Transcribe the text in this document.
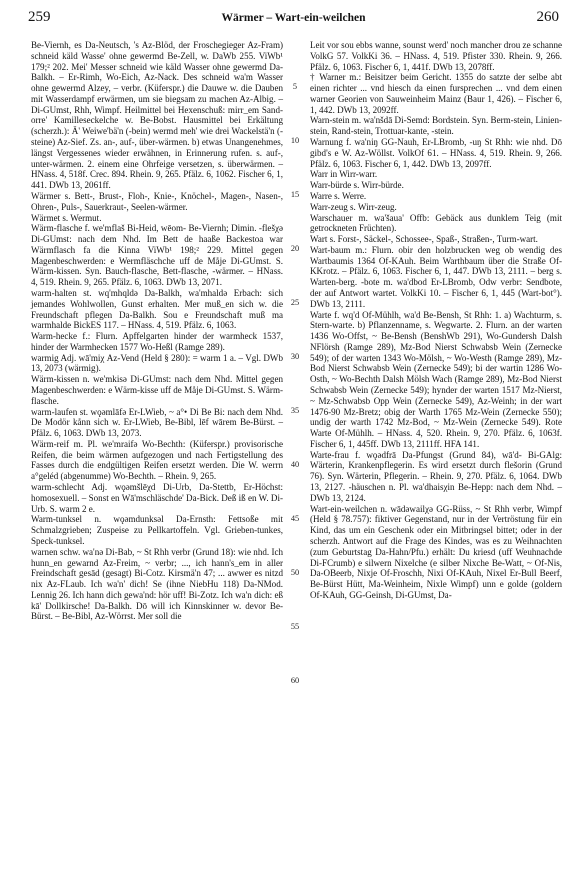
259	Wärmer – Wart-ein-weilchen	260

Be-Viernh, es Da-Neutsch, 's Az-Blöd, der Froschegieger Az-Fram) schneid käld Wasse' ohne gewermd Be-Zell, w. DaWb 255. ViWb¹ 179;² 202. Mei' Messer schneid wie käld Wasser ohne gewermd Da-Balkh. – Er-Rimh, Wo-Eich, Az-Nack. Des schneid wa'm Wasser ohne gewermd Alzey, – verbr. (Küferspr.) die Dauwe w. die Dauben mit Wasserdampf erwärmen, um sie biegsam zu machen Az-Albig. – Di-GUmst, Rhh, Wimpf. Heilmittel bei Hexenschuß: mirr_em Sand- orre' Kamilleseckelche w. Be-Bobst. Hausmittel bei Erkältung (scherzh.): Ä' Weiwe'bä'n (-bein) wermd meh' wie drei Wackelstä'n (-steine) Az-Sief. Zs. an-, auf-, über-wärmen. b) etwas Unangenehmes, längst Vergessenes wieder erwähnen, in Erinnerung rufen. s. auf-, unter-wärmen. 2. einem eine Ohrfeige versetzen, s. überwärmen. – HNass. 4, 518f. Crec. 894. Rhein. 9, 265. Pfälz. 6, 1062. Fischer 6, 1, 441. DWb 13, 2061ff.

Wärmer s. Bett-, Brust-, Floh-, Knie-, Knöchel-, Magen-, Nasen-, Ohren-, Puls-, Sauerkraut-, Seelen-wärmer.

Wärmet s. Wermut.

Wärm-flasche f. we'mflaš Bi-Heid, wēom- Be-Viernh; Dimin. -flešχə Di-GUmst: nach dem Nhd. Im Bett de haaße Backestoa war Wärmflasch fa die Kinna ViWb¹ 198;² 229. Mittel gegen Magenbeschwerden: e Wermfläschche uff de Måje Di-GUmst. S. Wärm-kissen. Syn. Bauch-flasche, Bett-flasche, -wärmer. – HNass. 4, 519. Rhein. 9, 265. Pfälz. 6, 1063. DWb 13, 2071.

warm-halten st. wq'mhqldə Da-Balkh, wa'mhaldə Erbach: sich jemandes Wohlwollen, Gunst erhalten. Mer muß_en sich w. die Freundschaft pflegen Da-Balkh. Sou e Freundschaft muß ma warmhalde BickES 117. – HNass. 4, 519. Pfälz. 6, 1063.

Warm-hecke f.: Flurn. Apffelgarten hinder der warmheck 1537, hinder der Warmhecken 1577 Wo-Heßl (Ramge 289).

warmig Adj. wā'miχ Az-Vend (Held § 280): = warm 1 a. – Vgl. DWb 13, 2073 (wärmig).

Wärm-kissen n. we'mkisə Di-GUmst: nach dem Nhd. Mittel gegen Magenbeschwerden: e Wärm-kisse uff de Måje Di-GUmst. S. Wärm-flasche.

warm-laufen st. wǫəmlāfə Er-LWieb, ~ a°• Di Be Bi: nach dem Nhd. De Modör kånn sich w. Er-LWieb, Be-Bibl, lēf wārem Be-Bürst. – Pfälz. 6, 1063. DWb 13, 2073.

Wärm-reif m. Pl. we'mraifə Wo-Bechth: (Küferspr.) provisorische Reifen, die beim wärmen aufgezogen und nach Fertigstellung des Fasses durch die endgültigen Reifen ersetzt werden. Die W. werrn a°geléd (abgenumme) Wo-Bechth. – Rhein. 9, 265.

warm-schlecht Adj. wǫəmšlēχd Di-Urb, Da-Stettb, Er-Höchst: homosexuell. – Sonst en Wā'mschläschde' Da-Bick. Deß iß en W. Di-Urb. S. warm 2 e.

Warm-tunksel n. wǫəmdunksəl Da-Ernsth: Fettsoße mit Schmalzgrieben; Zuspeise zu Pellkartoffeln. Vgl. Grieben-tunkes, Speck-tunksel.

warnen schw. wa'nə Di-Bab, ~ St Rhh verbr (Grund 18): wie nhd. Ich hunn_en gewarnd Az-Freim, ~ verbr; ..., ich hann's_em in aller Freindschaft gesād (gesagt) Bi-Cotz. Kirsmä'n 47; ... awwer es nitzd nix Az-FLaub. Ich wa'n' dich! Se (ihne NiebHu 118) Da-NMod. Lennig 26. Ich hann dich gewa'nd: hör uff! Bi-Zotz. Ich wa'n dich: eß kā' Dollkirsche! Da-Balkh. Dō will ich Kinnskinner w. devor Be-Bürst. – Be-Bibl, Az-Wörrst. Mer soll die

5
10
15
20
25
30
35
40
45
50
55
60

Leit vor sou ebbs wanne, sounst werd' noch mancher drou ze schanne VolkG 57. VolkKi 36. – HNass. 4, 519. Pfister 330. Rhein. 9, 266. Pfälz. 6, 1063. Fischer 6, 1, 441f. DWb 13, 2078ff.

† Warner m.: Beisitzer beim Gericht. 1355 do satzte der selbe abt einen richter ... vnd hiesch da einen fursprechen ... vnd dem einen warner Georien von Sauweinheim Mainz (Baur 1, 426). – Fischer 6, 1, 442. DWb 13, 2092ff.

Warn-stein m. wa'nšdā Di-Semd: Bordstein. Syn. Berm-stein, Linien-stein, Rand-stein, Trottuar-kante, -stein.

Warnung f. wa'niŋ GG-Nauh, Er-LBromb, -uŋ St Rhh: wie nhd. Dō gibd's e W. Az-Wöllst. VolkOf 61. – HNass. 4, 519. Rhein. 9, 266. Pfälz. 6, 1063. Fischer 6, 1, 442. DWb 13, 2097ff.

Warr in Wirr-warr.

Warr-bürde s. Wirr-bürde.

Warre s. Werre.

Warr-zeug s. Wirr-zeug.

Warschauer m. wa'šaua' Offb: Gebäck aus dunklem Teig (mit getrockneten Früchten).

Wart s. Forst-, Säckel-, Schossee-, Spaß-, Straßen-, Turm-wart.

Wart-baum m.: Flurn. obir den holzbrucken weg ob wendig des Wartbaumis 1364 Of-KAuh. Beim Warthbaum über die Straße Of-KKrotz. – Pfälz. 6, 1063. Fischer 6, 1, 447. DWb 13, 2111. – berg s. Warten-berg. -bote m. wa'dbod Er-LBromb, Odw verbr: Sendbote, der auf Antwort wartet. VolkKi 10. – Fischer 6, 1, 445 (Wart-bot°). DWb 13, 2111.

Warte f. wq'd Of-Mühlh, wa'd Be-Bensh, St Rhh: 1. a) Wachturm, s. Stern-warte. b) Pflanzenname, s. Wegwarte. 2. Flurn. an der warten 1436 Wo-Offst, ~ Be-Bensh (BenshWb 291), Wo-Gundersh Dalsh NFlörsh (Ramge 289), Mz-Bod Nierst Schwabsb Wein (Zernecke 549); of der warten 1343 Wo-Mölsh, ~ Wo-Westh (Ramge 289), Mz-Bod Nierst Schwabsb Wein (Zernecke 549); bi der wartin 1286 Wo-Osth, ~ Wo-Bechth Dalsh Mölsh Wach (Ramge 289), Mz-Bod Nierst Schwabsb Wein (Zernecke 549); hynder der warten 1517 Mz-Nierst, ~ Mz-Schwabsb Opp Wein (Zernecke 549), Az-Weinh; in der wart 1476-90 Mz-Bretz; obig der Warth 1765 Mz-Wein (Zernecke 550); undig der warth 1742 Mz-Bod, ~ Mz-Wein (Zernecke 549). Rote Warte Of-Mühlh. – HNass. 4, 520. Rhein. 9, 270. Pfälz. 6, 1063f. Fischer 6, 1, 445ff. DWb 13, 2111ff. HFA 141.

Warte-frau f. wǫədfrā Da-Pfungst (Grund 84), wā'd- Bi-GAlg: Wärterin, Krankenpflegerin. Es wird ersetzt durch flešorin (Grund 76). Syn. Wärterin, Pflegerin. – Rhein. 9, 270. Pfälz. 6, 1064. DWb 13, 2127. -häuschen n. Pl. wa'dhaisχin Be-Hepp: nach dem Nhd. – DWb 13, 2124.

Wart-ein-weilchen n. wādəwailχə GG-Rüss, ~ St Rhh verbr, Wimpf (Held § 78.757): fiktiver Gegenstand, nur in der Vertröstung für ein Kind, das um ein Geschenk oder ein Mitbringsel bittet; oder in der scherzh. Antwort auf die Frage des Kindes, was es zu Weihnachten (zum Geburtstag Da-Hahn/Pfu.) erhält: Du kriesd (uff Weuhnachde Di-FCrumb) e silwern Nixelche (e silber Nixche Be-Watt, ~ Of-Nis, Da-OBeerb, Nixje Of-Froschh, Nixi Of-KAuh, Nixel Er-Bull Beerf, Be-Bürst Hütt, Ma-Weinheim, Nixle Wimpf) unn e golde (goldern Of-KAuh, GG-Geinsh, Di-GUmst, Da-
